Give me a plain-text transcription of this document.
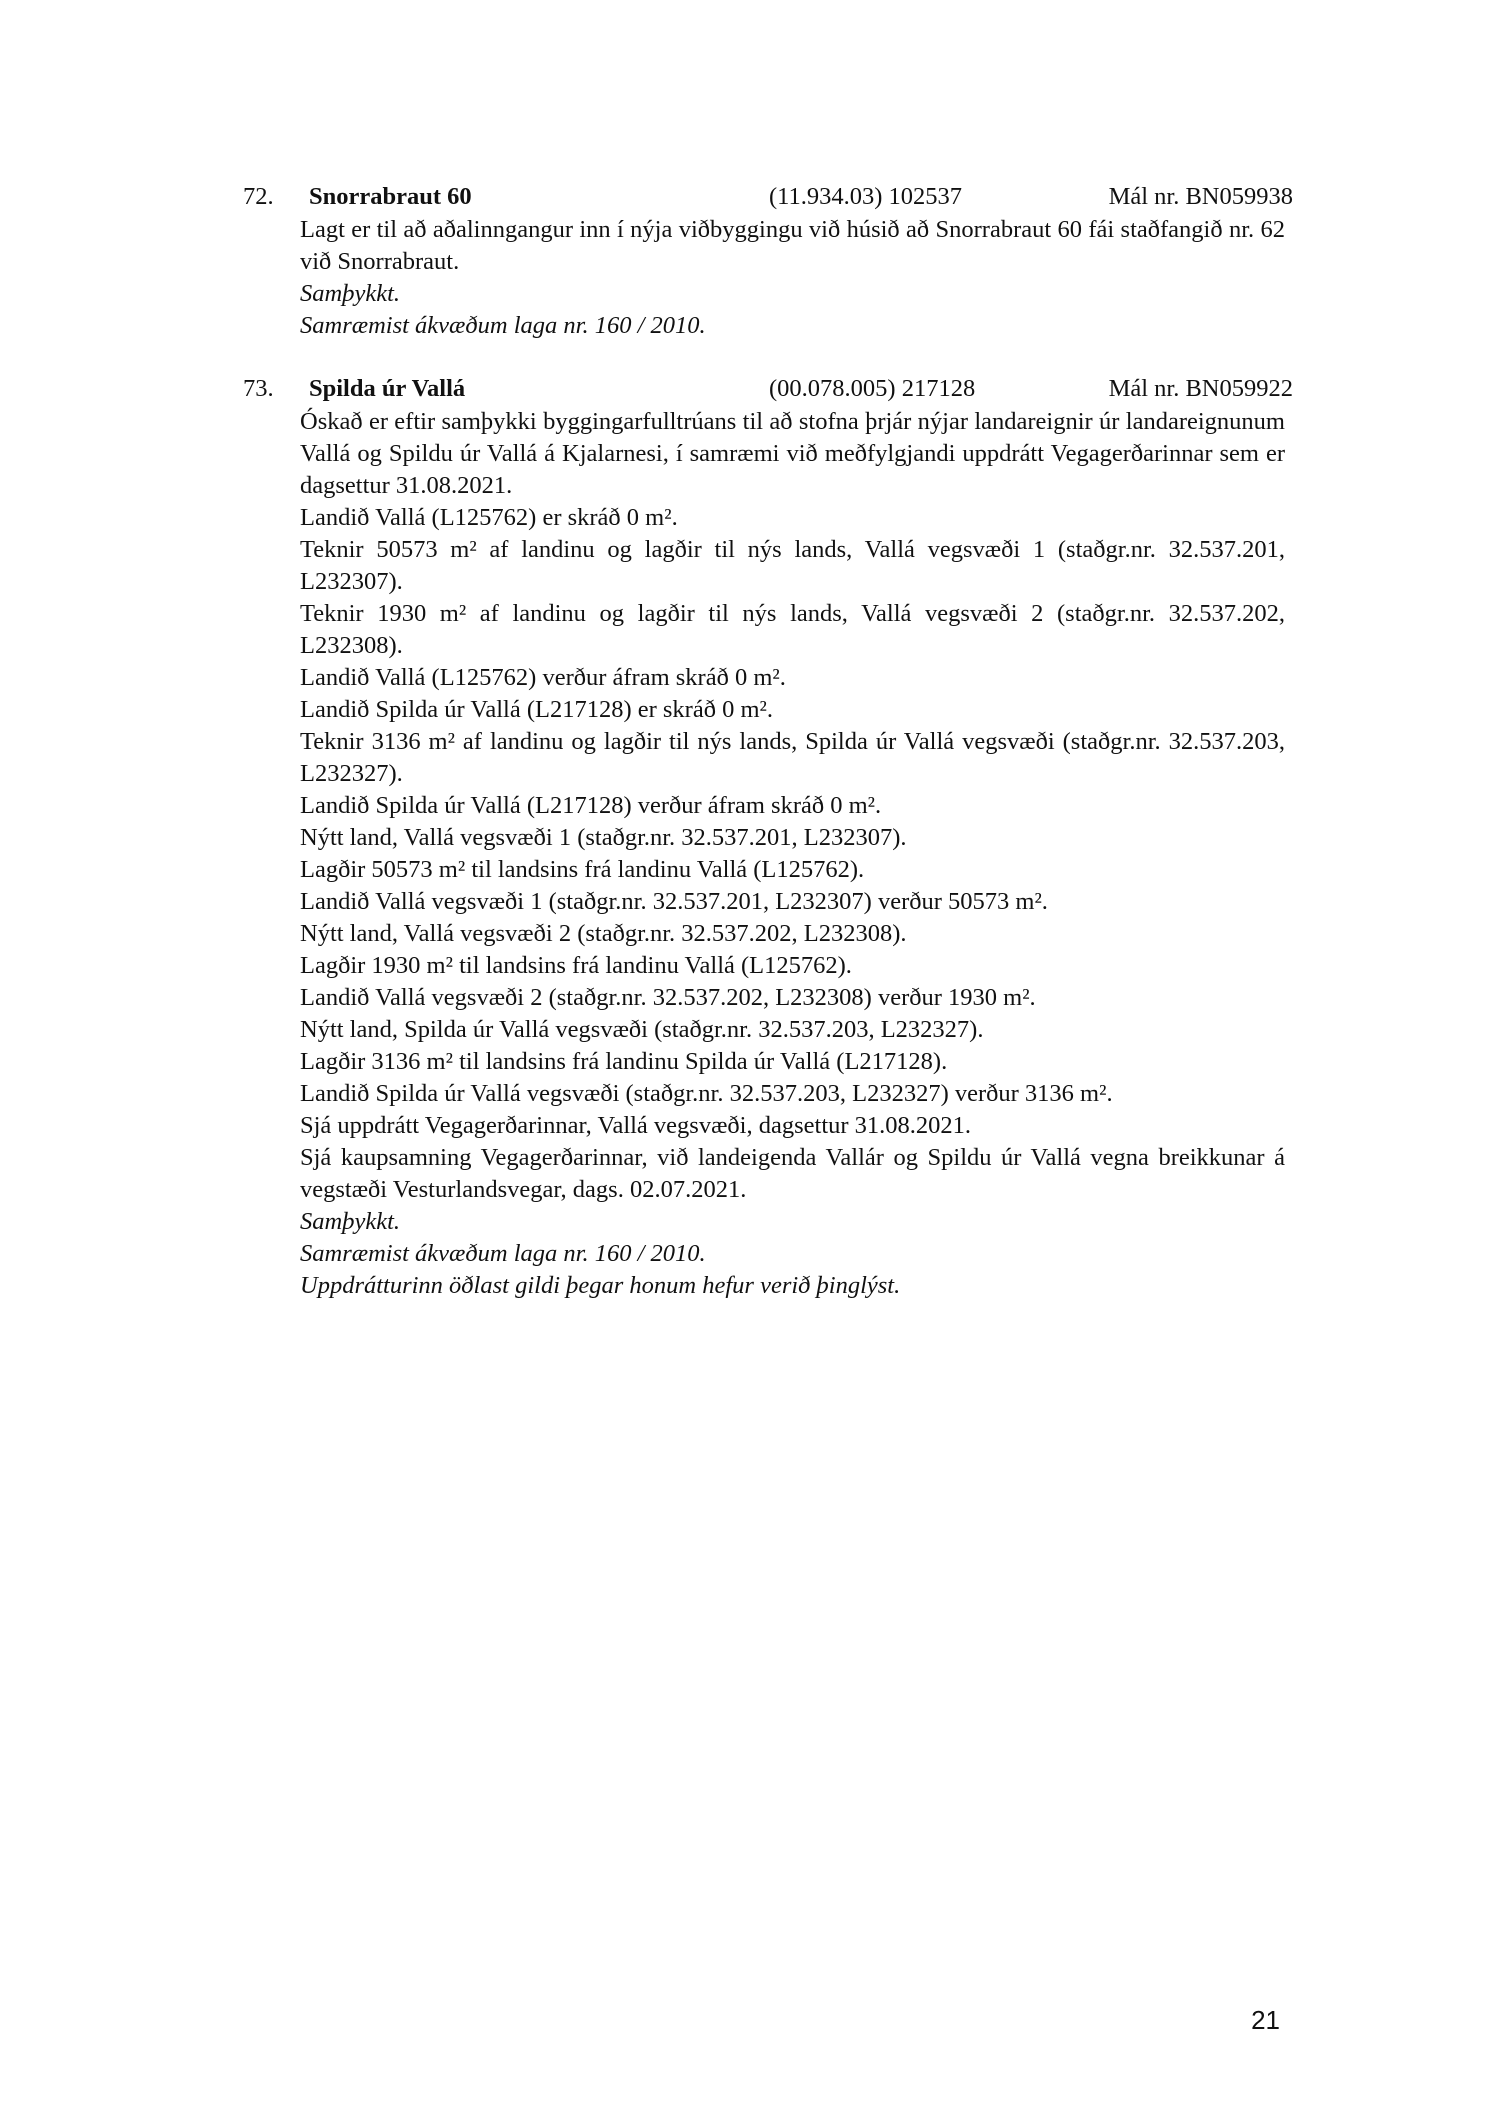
72. Snorrabraut 60	(11.934.03) 102537	Mál nr. BN059938

Lagt er til að aðalinngangur inn í nýja viðbyggingu við húsið að Snorrabraut 60 fái staðfangið nr. 62 við Snorrabraut.

Samþykkt.

Samræmist ákvæðum laga nr. 160 / 2010.

73. Spilda úr Vallá	(00.078.005) 217128	Mál nr. BN059922

Óskað er eftir samþykki byggingarfulltrúans til að stofna þrjár nýjar landareignir úr landareignunum Vallá og Spildu úr Vallá á Kjalarnesi, í samræmi við meðfylgjandi uppdrátt Vegagerðarinnar sem er dagsettur 31.08.2021.

Landið Vallá (L125762) er skráð 0 m².

Teknir 50573 m² af landinu og lagðir til nýs lands, Vallá vegsvæði 1 (staðgr.nr. 32.537.201, L232307).

Teknir 1930 m² af landinu og lagðir til nýs lands, Vallá vegsvæði 2 (staðgr.nr. 32.537.202, L232308).

Landið Vallá (L125762) verður áfram skráð 0 m².

Landið Spilda úr Vallá (L217128) er skráð 0 m².

Teknir 3136 m² af landinu og lagðir til nýs lands, Spilda úr Vallá vegsvæði (staðgr.nr. 32.537.203, L232327).

Landið Spilda úr Vallá (L217128) verður áfram skráð 0 m².

Nýtt land, Vallá vegsvæði 1 (staðgr.nr. 32.537.201, L232307).

Lagðir 50573 m² til landsins frá landinu Vallá (L125762).

Landið Vallá vegsvæði 1 (staðgr.nr. 32.537.201, L232307) verður 50573 m².

Nýtt land, Vallá vegsvæði 2 (staðgr.nr. 32.537.202, L232308).

Lagðir 1930 m² til landsins frá landinu Vallá (L125762).

Landið Vallá vegsvæði 2 (staðgr.nr. 32.537.202, L232308) verður 1930 m².

Nýtt land, Spilda úr Vallá vegsvæði (staðgr.nr. 32.537.203, L232327).

Lagðir 3136 m² til landsins frá landinu Spilda úr Vallá (L217128).

Landið Spilda úr Vallá vegsvæði (staðgr.nr. 32.537.203, L232327) verður 3136 m².

Sjá uppdrátt Vegagerðarinnar, Vallá vegsvæði, dagsettur 31.08.2021.

Sjá kaupsamning Vegagerðarinnar, við landeigenda Vallár og Spildu úr Vallá vegna breikkunar á vegstæði Vesturlandsvegar, dags. 02.07.2021.

Samþykkt.

Samræmist ákvæðum laga nr. 160 / 2010.

Uppdrátturinn öðlast gildi þegar honum hefur verið þinglýst.

21
